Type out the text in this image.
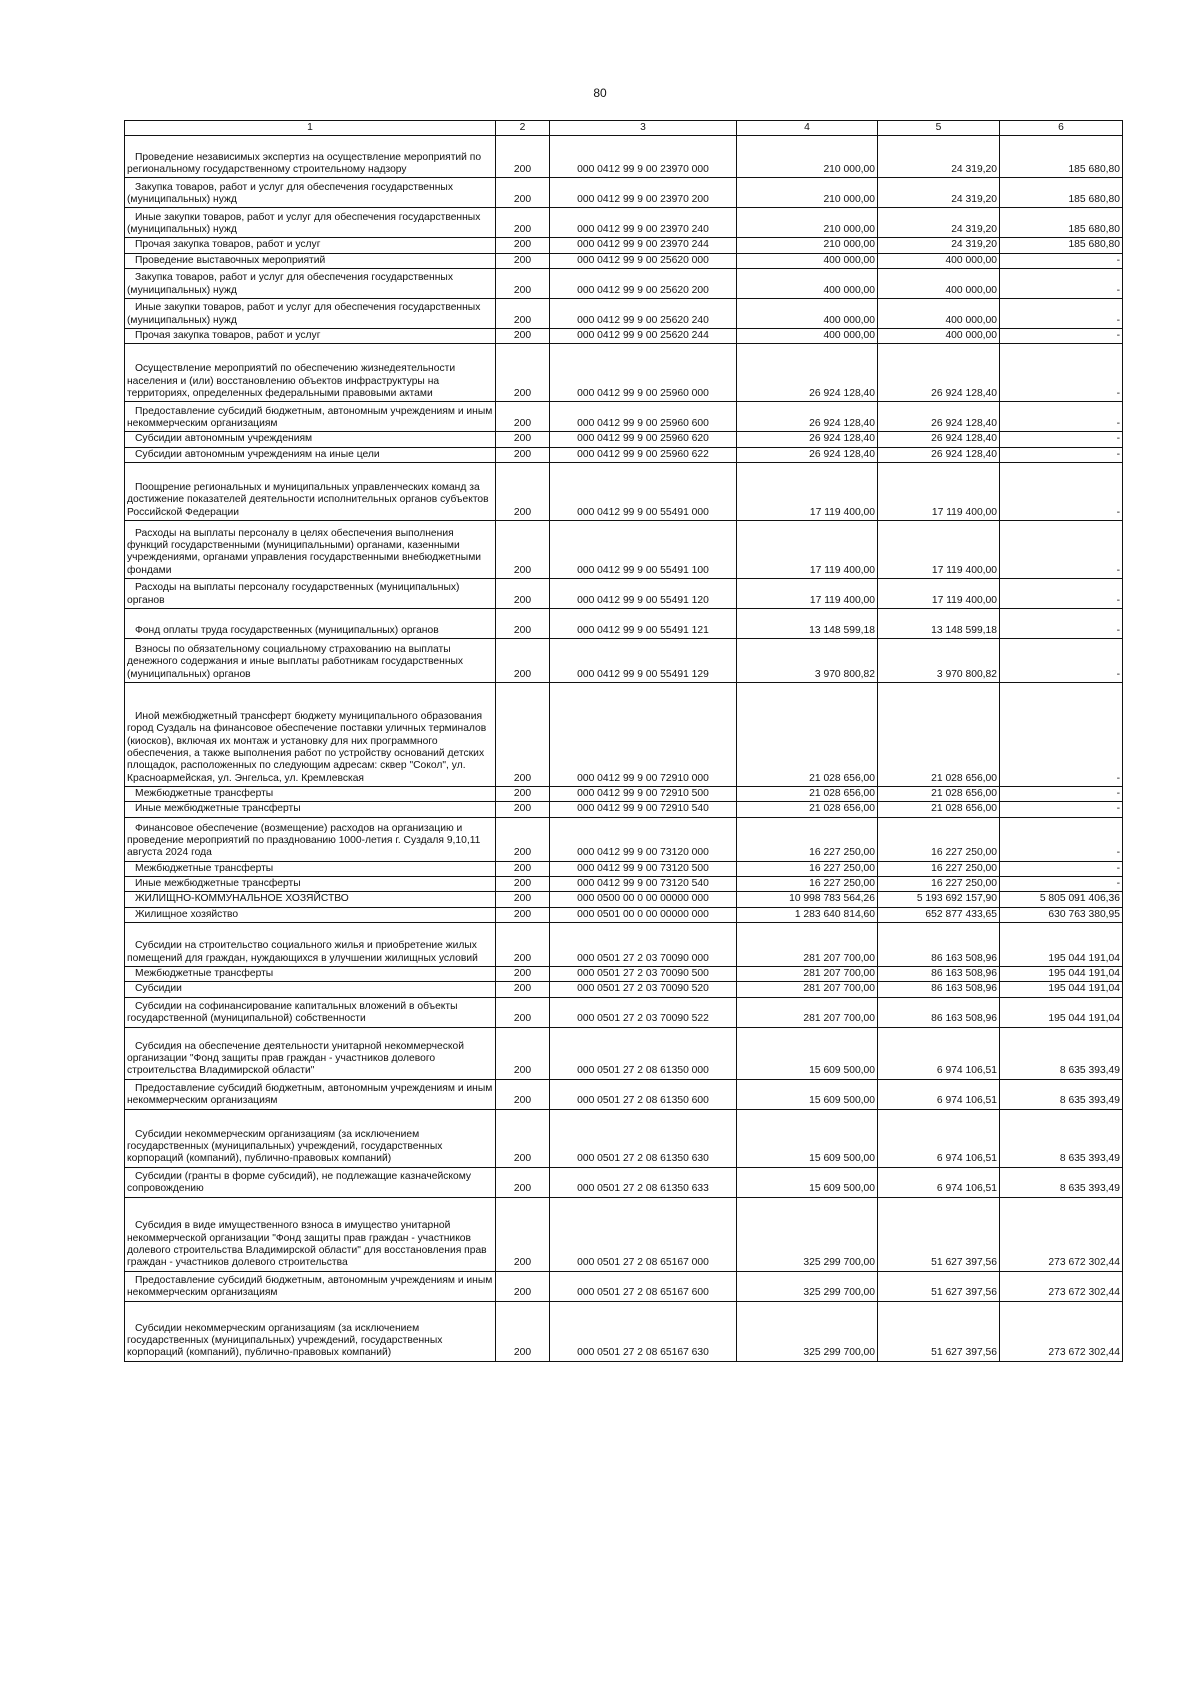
80
1	2	3	4	5	6
Проведение независимых экспертиз на осуществление мероприятий по региональному государственному строительному надзору	200	000 0412 99 9 00 23970 000	210 000,00	24 319,20	185 680,80
Закупка товаров, работ и услуг для обеспечения государственных (муниципальных) нужд	200	000 0412 99 9 00 23970 200	210 000,00	24 319,20	185 680,80
Иные закупки товаров, работ и услуг для обеспечения государственных (муниципальных) нужд	200	000 0412 99 9 00 23970 240	210 000,00	24 319,20	185 680,80
Прочая закупка товаров, работ и услуг	200	000 0412 99 9 00 23970 244	210 000,00	24 319,20	185 680,80
Проведение выставочных мероприятий	200	000 0412 99 9 00 25620 000	400 000,00	400 000,00	-
Закупка товаров, работ и услуг для обеспечения государственных (муниципальных) нужд	200	000 0412 99 9 00 25620 200	400 000,00	400 000,00	-
Иные закупки товаров, работ и услуг для обеспечения государственных (муниципальных) нужд	200	000 0412 99 9 00 25620 240	400 000,00	400 000,00	-
Прочая закупка товаров, работ и услуг	200	000 0412 99 9 00 25620 244	400 000,00	400 000,00	-
Осуществление мероприятий по обеспечению жизнедеятельности населения и (или) восстановлению объектов инфраструктуры на территориях, определенных федеральными правовыми актами	200	000 0412 99 9 00 25960 000	26 924 128,40	26 924 128,40	-
Предоставление субсидий бюджетным, автономным учреждениям и иным некоммерческим организациям	200	000 0412 99 9 00 25960 600	26 924 128,40	26 924 128,40	-
Субсидии автономным учреждениям	200	000 0412 99 9 00 25960 620	26 924 128,40	26 924 128,40	-
Субсидии автономным учреждениям на иные цели	200	000 0412 99 9 00 25960 622	26 924 128,40	26 924 128,40	-
Поощрение региональных и муниципальных управленческих команд за достижение показателей деятельности исполнительных органов субъектов Российской Федерации	200	000 0412 99 9 00 55491 000	17 119 400,00	17 119 400,00	-
Расходы на выплаты персоналу в целях обеспечения выполнения функций государственными (муниципальными) органами, казенными учреждениями, органами управления государственными внебюджетными фондами	200	000 0412 99 9 00 55491 100	17 119 400,00	17 119 400,00	-
Расходы на выплаты персоналу государственных (муниципальных) органов	200	000 0412 99 9 00 55491 120	17 119 400,00	17 119 400,00	-
Фонд оплаты труда государственных (муниципальных) органов	200	000 0412 99 9 00 55491 121	13 148 599,18	13 148 599,18	-
Взносы по обязательному социальному страхованию на выплаты денежного содержания и иные выплаты работникам государственных (муниципальных) органов	200	000 0412 99 9 00 55491 129	3 970 800,82	3 970 800,82	-
Иной межбюджетный трансферт бюджету муниципального образования город Суздаль на финансовое обеспечение поставки уличных терминалов (киосков), включая их монтаж и установку для них программного обеспечения, а также выполнения работ по устройству оснований детских площадок, расположенных по следующим адресам: сквер "Сокол", ул. Красноармейская, ул. Энгельса, ул. Кремлевская	200	000 0412 99 9 00 72910 000	21 028 656,00	21 028 656,00	-
Межбюджетные трансферты	200	000 0412 99 9 00 72910 500	21 028 656,00	21 028 656,00	-
Иные межбюджетные трансферты	200	000 0412 99 9 00 72910 540	21 028 656,00	21 028 656,00	-
Финансовое обеспечение (возмещение) расходов на организацию и проведение мероприятий по празднованию 1000-летия г. Суздаля 9,10,11 августа 2024 года	200	000 0412 99 9 00 73120 000	16 227 250,00	16 227 250,00	-
Межбюджетные трансферты	200	000 0412 99 9 00 73120 500	16 227 250,00	16 227 250,00	-
Иные межбюджетные трансферты	200	000 0412 99 9 00 73120 540	16 227 250,00	16 227 250,00	-
ЖИЛИЩНО-КОММУНАЛЬНОЕ ХОЗЯЙСТВО	200	000 0500 00 0 00 00000 000	10 998 783 564,26	5 193 692 157,90	5 805 091 406,36
Жилищное хозяйство	200	000 0501 00 0 00 00000 000	1 283 640 814,60	652 877 433,65	630 763 380,95
Субсидии на строительство социального жилья и приобретение жилых помещений для граждан, нуждающихся в улучшении жилищных условий	200	000 0501 27 2 03 70090 000	281 207 700,00	86 163 508,96	195 044 191,04
Межбюджетные трансферты	200	000 0501 27 2 03 70090 500	281 207 700,00	86 163 508,96	195 044 191,04
Субсидии	200	000 0501 27 2 03 70090 520	281 207 700,00	86 163 508,96	195 044 191,04
Субсидии на софинансирование капитальных вложений в объекты государственной (муниципальной) собственности	200	000 0501 27 2 03 70090 522	281 207 700,00	86 163 508,96	195 044 191,04
Субсидия на обеспечение деятельности унитарной некоммерческой организации "Фонд защиты прав граждан - участников долевого строительства Владимирской области"	200	000 0501 27 2 08 61350 000	15 609 500,00	6 974 106,51	8 635 393,49
Предоставление субсидий бюджетным, автономным учреждениям и иным некоммерческим организациям	200	000 0501 27 2 08 61350 600	15 609 500,00	6 974 106,51	8 635 393,49
Субсидии некоммерческим организациям (за исключением государственных (муниципальных) учреждений, государственных корпораций (компаний), публично-правовых компаний)	200	000 0501 27 2 08 61350 630	15 609 500,00	6 974 106,51	8 635 393,49
Субсидии (гранты в форме субсидий), не подлежащие казначейскому сопровождению	200	000 0501 27 2 08 61350 633	15 609 500,00	6 974 106,51	8 635 393,49
Субсидия в виде имущественного взноса в имущество унитарной некоммерческой организации "Фонд защиты прав граждан - участников долевого строительства Владимирской области" для восстановления прав граждан - участников долевого строительства	200	000 0501 27 2 08 65167 000	325 299 700,00	51 627 397,56	273 672 302,44
Предоставление субсидий бюджетным, автономным учреждениям и иным некоммерческим организациям	200	000 0501 27 2 08 65167 600	325 299 700,00	51 627 397,56	273 672 302,44
Субсидии некоммерческим организациям (за исключением государственных (муниципальных) учреждений, государственных корпораций (компаний), публично-правовых компаний)	200	000 0501 27 2 08 65167 630	325 299 700,00	51 627 397,56	273 672 302,44
